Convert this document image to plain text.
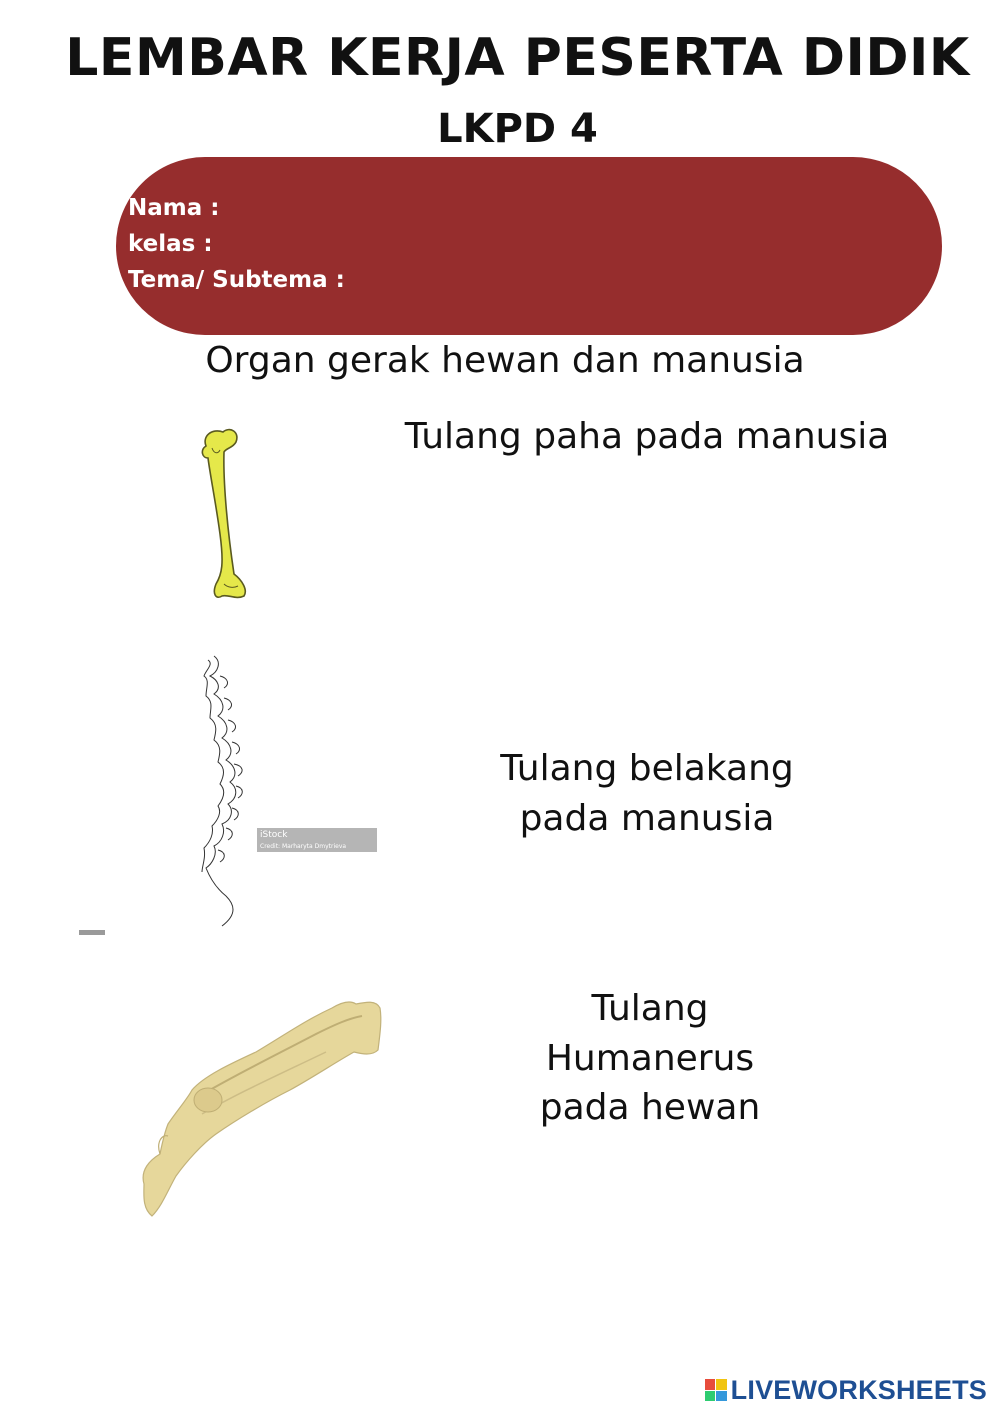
LEMBAR KERJA PESERTA DIDIK
LKPD 4
Nama :
kelas :
Tema/ Subtema :
Organ gerak hewan dan manusia
Tulang paha pada manusia
iStock
Credit: Marharyta Dmytrieva
Tulang belakang
pada manusia
Tulang
Humanerus
pada hewan
LIVEWORKSHEETS
